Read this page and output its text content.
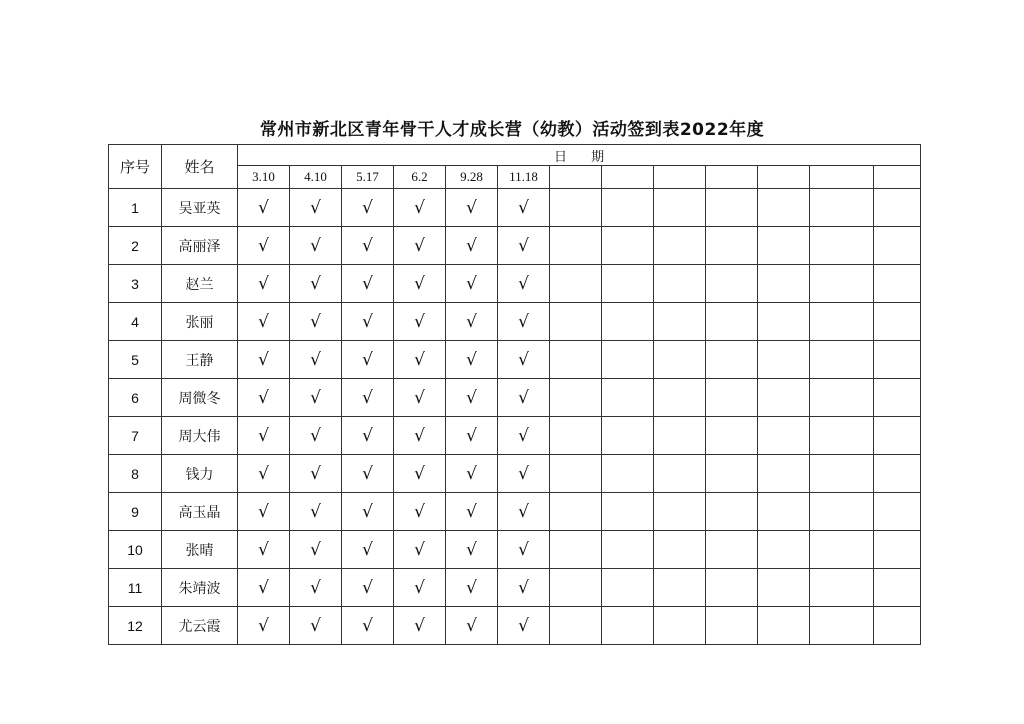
常州市新北区青年骨干人才成长营（幼教）活动签到表2022年度
序号	姓名	日 期												
		3.10	4.10	5.17	6.2	9.28	11.18							
1	吴亚英	√	√	√	√	√	√							
2	高丽泽	√	√	√	√	√	√							
3	赵兰	√	√	√	√	√	√							
4	张丽	√	√	√	√	√	√							
5	王静	√	√	√	√	√	√							
6	周微冬	√	√	√	√	√	√							
7	周大伟	√	√	√	√	√	√							
8	钱力	√	√	√	√	√	√							
9	高玉晶	√	√	√	√	√	√							
10	张晴	√	√	√	√	√	√							
11	朱靖波	√	√	√	√	√	√							
12	尤云霞	√	√	√	√	√	√							
